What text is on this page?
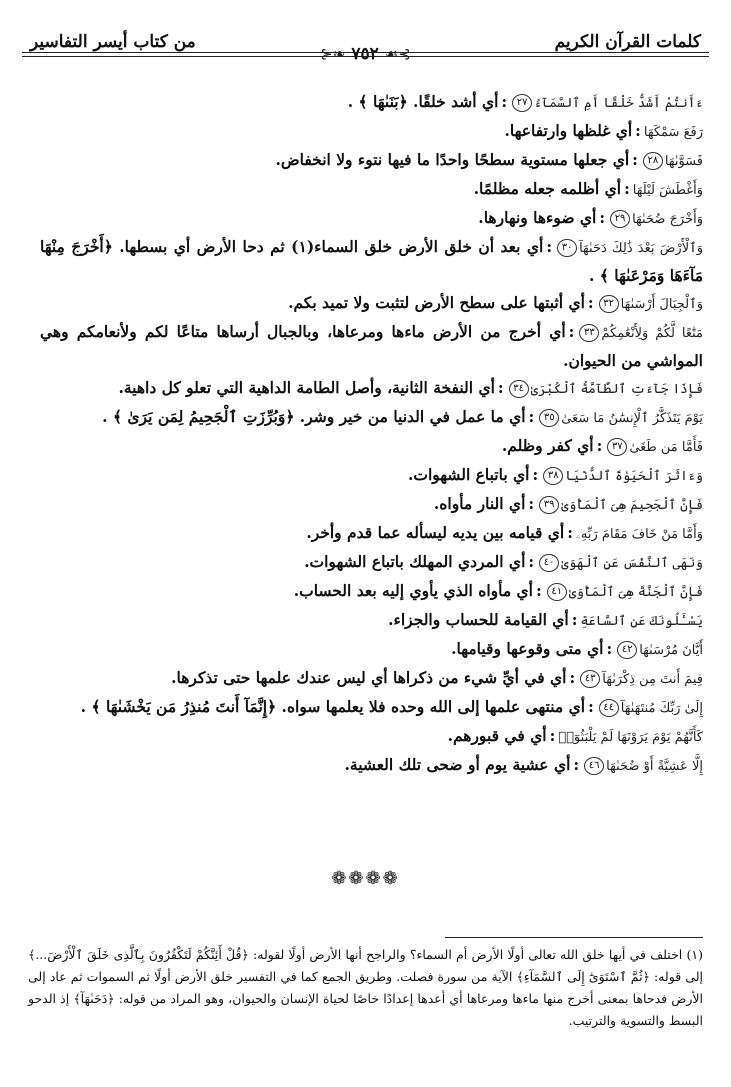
كلمات القرآن الكريم
⊱❧ ٧٥٢ ☙⊰
من كتاب أيسر التفاسير

ءَأَنتُمْ أَشَدُّ خَلْقًا أَمِ ٱلسَّمَآءُ٢٧:أي أشد خلقًا. ﴿بَنَىٰهَا ﴾ .

رَفَعَ سَمْكَهَا:أي غلظها وارتفاعها.

فَسَوَّىٰهَا٢٨:أي جعلها مستوية سطحًا واحدًا ما فيها نتوء ولا انخفاض.

وَأَغْطَشَ لَيْلَهَا:أي أظلمه جعله مظلمًا.

وَأَخْرَجَ ضُحَىٰهَا٢٩:أي ضوءها ونهارها.

وَٱلْأَرْضَ بَعْدَ ذَٰلِكَ دَحَىٰهَآ٣٠:أي بعد أن خلق الأرض خلق السماء(١) ثم دحا الأرض أي بسطها. ﴿أَخْرَجَ مِنْهَا مَآءَهَا وَمَرْعَىٰهَا ﴾ .

وَٱلْجِبَالَ أَرْسَىٰهَا٣٢:أي أثبتها على سطح الأرض لتثبت ولا تميد بكم.

مَتَٰعًا لَّكُمْ وَلِأَنْعَٰمِكُمْ٣٣:أي أخرج من الأرض ماءها ومرعاها، وبالجبال أرساها متاعًا لكم ولأنعامكم وهي المواشي من الحيوان.

فَإِذَا جَآءَتِ ٱلطَّآمَّةُ ٱلْكُبْرَىٰ٣٤:أي النفخة الثانية، وأصل الطامة الداهية التي تعلو كل داهية.

يَوْمَ يَتَذَكَّرُ ٱلْإِنسَٰنُ مَا سَعَىٰ٣٥:أي ما عمل في الدنيا من خير وشر. ﴿وَبُرِّزَتِ ٱلْجَحِيمُ لِمَن يَرَىٰ ﴾ .

فَأَمَّا مَن طَغَىٰ٣٧:أي كفر وظلم.

وَءَاثَرَ ٱلْحَيَوٰةَ ٱلدُّنْيَا٣٨:أي باتباع الشهوات.

فَإِنَّ ٱلْجَحِيمَ هِىَ ٱلْمَأْوَىٰ٣٩:أي النار مأواه.

وَأَمَّا مَنْ خَافَ مَقَامَ رَبِّهِۦ:أي قيامه بين يديه ليسأله عما قدم وأخر.

وَنَهَى ٱلنَّفْسَ عَنِ ٱلْهَوَىٰ٤٠:أي المردي المهلك باتباع الشهوات.

فَإِنَّ ٱلْجَنَّةَ هِىَ ٱلْمَأْوَىٰ٤١:أي مأواه الذي يأوي إليه بعد الحساب.

يَسْـَٔلُونَكَ عَنِ ٱلسَّاعَةِ:أي القيامة للحساب والجزاء.

أَيَّانَ مُرْسَىٰهَا٤٢:أي متى وقوعها وقيامها.

فِيمَ أَنتَ مِن ذِكْرَىٰهَآ٤٣:أي في أيِّ شيء من ذكراها أي ليس عندك علمها حتى تذكرها.

إِلَىٰ رَبِّكَ مُنتَهَىٰهَآ٤٤:أي منتهى علمها إلى الله وحده فلا يعلمها سواه. ﴿إِنَّمَآ أَنتَ مُنذِرُ مَن يَخْشَىٰهَا ﴾ .

كَأَنَّهُمْ يَوْمَ يَرَوْنَهَا لَمْ يَلْبَثُوٓا۟:أي في قبورهم.

إِلَّا عَشِيَّةً أَوْ ضُحَىٰهَا٤٦:أي عشية يوم أو ضحى تلك العشية.

❁❁❁❁
(١) اختلف في أيها خلق الله تعالى أولًا الأرض أم السماء؟ والراجح أنها الأرض أولًا لقوله: ﴿قُلْ أَئِنَّكُمْ لَتَكْفُرُونَ بِٱلَّذِى خَلَقَ ٱلْأَرْضَ...﴾ إلى قوله: ﴿ثُمَّ ٱسْتَوَىٰٓ إِلَى ٱلسَّمَآءِ﴾ الآية من سورة فصلت. وطريق الجمع كما في التفسير خلق الأرض أولًا ثم السموات ثم عاد إلى الأرض فدحاها بمعنى أخرج منها ماءها ومرعاها أي أعدها إعدادًا خاصًا لحياة الإنسان والحيوان، وهو المراد من قوله: ﴿دَحَىٰهَآ﴾ إذ الدحو البسط والتسوية والترتيب.
